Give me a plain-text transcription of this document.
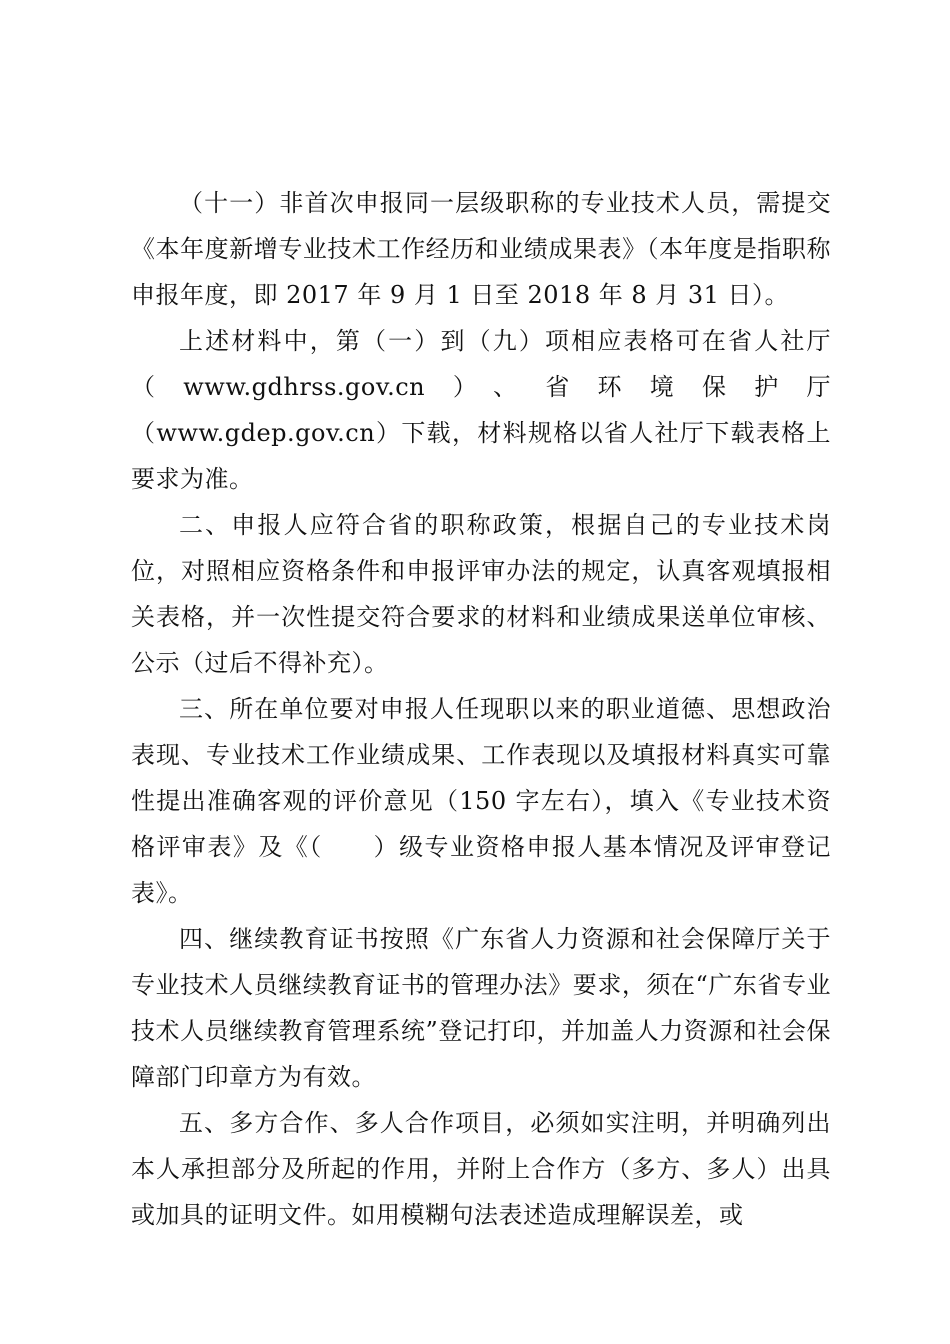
（十一）非首次申报同一层级职称的专业技术人员，需提交《本年度新增专业技术工作经历和业绩成果表》（本年度是指职称申报年度，即 2017 年 9 月 1 日至 2018 年 8 月 31 日）。

上述材料中，第（一）到（九）项相应表格可在省人社厅（www.gdhrss.gov.cn）、省环境保护厅（www.gdep.gov.cn）下载，材料规格以省人社厅下载表格上要求为准。

二、申报人应符合省的职称政策，根据自己的专业技术岗位，对照相应资格条件和申报评审办法的规定，认真客观填报相关表格，并一次性提交符合要求的材料和业绩成果送单位审核、公示（过后不得补充）。

三、所在单位要对申报人任现职以来的职业道德、思想政治表现、专业技术工作业绩成果、工作表现以及填报材料真实可靠性提出准确客观的评价意见（150 字左右），填入《专业技术资格评审表》及《（　　）级专业资格申报人基本情况及评审登记表》。

四、继续教育证书按照《广东省人力资源和社会保障厅关于专业技术人员继续教育证书的管理办法》要求，须在“广东省专业技术人员继续教育管理系统”登记打印，并加盖人力资源和社会保障部门印章方为有效。

五、多方合作、多人合作项目，必须如实注明，并明确列出本人承担部分及所起的作用，并附上合作方（多方、多人）出具或加具的证明文件。如用模糊句法表述造成理解误差，或
